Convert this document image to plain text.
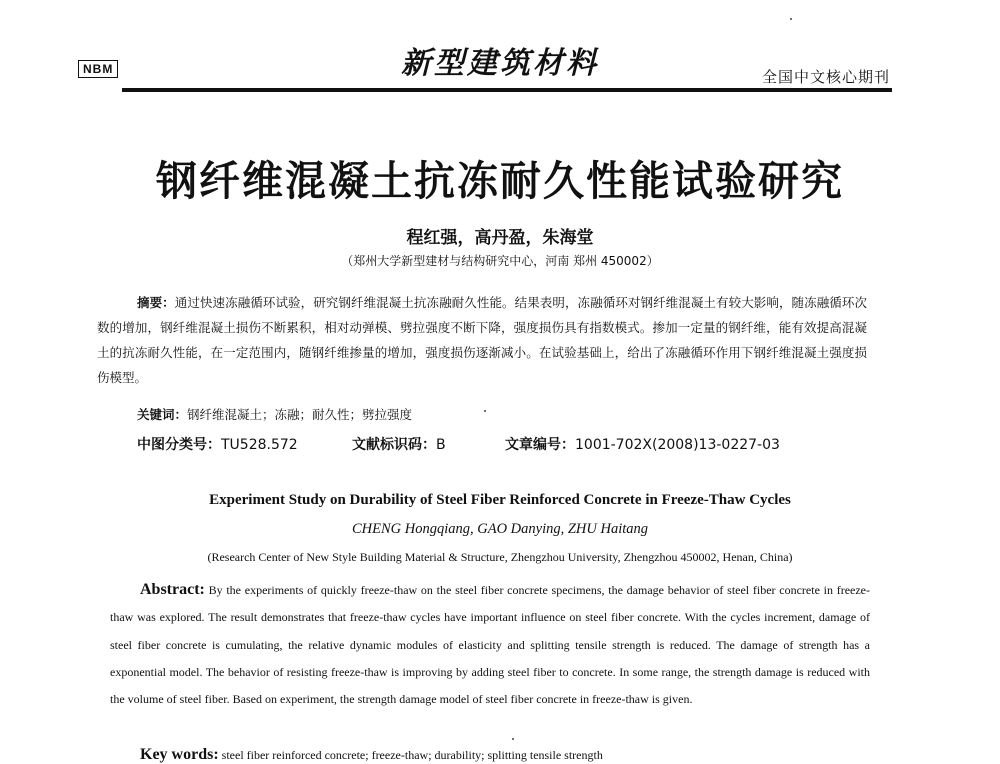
NBM	新型建筑材料	全国中文核心期刊
钢纤维混凝土抗冻耐久性能试验研究
程红强，高丹盈，朱海堂
（郑州大学新型建材与结构研究中心，河南 郑州 450002）
摘要：通过快速冻融循环试验，研究钢纤维混凝土抗冻融耐久性能。结果表明，冻融循环对钢纤维混凝土有较大影响，随冻融循环次数的增加，钢纤维混凝土损伤不断累积，相对动弹模、劈拉强度不断下降，强度损伤具有指数模式。掺加一定量的钢纤维，能有效提高混凝土的抗冻耐久性能，在一定范围内，随钢纤维掺量的增加，强度损伤逐渐减小。在试验基础上，给出了冻融循环作用下钢纤维混凝土强度损伤模型。
关键词：钢纤维混凝土；冻融；耐久性；劈拉强度
中图分类号：TU528.572	文献标识码：B	文章编号：1001-702X(2008)13-0227-03
Experiment Study on Durability of Steel Fiber Reinforced Concrete in Freeze-Thaw Cycles
CHENG Hongqiang, GAO Danying, ZHU Haitang
(Research Center of New Style Building Material & Structure, Zhengzhou University, Zhengzhou 450002, Henan, China)
Abstract: By the experiments of quickly freeze-thaw on the steel fiber concrete specimens, the damage behavior of steel fiber concrete in freeze-thaw was explored. The result demonstrates that freeze-thaw cycles have important influence on steel fiber concrete. With the cycles increment, damage of steel fiber concrete is cumulating, the relative dynamic modules of elasticity and splitting tensile strength is reduced. The damage of strength has a exponential model. The behavior of resisting freeze-thaw is improving by adding steel fiber to concrete. In some range, the strength damage is reduced with the volume of steel fiber. Based on experiment, the strength damage model of steel fiber concrete in freeze-thaw is given.
Key words: steel fiber reinforced concrete; freeze-thaw; durability; splitting tensile strength
